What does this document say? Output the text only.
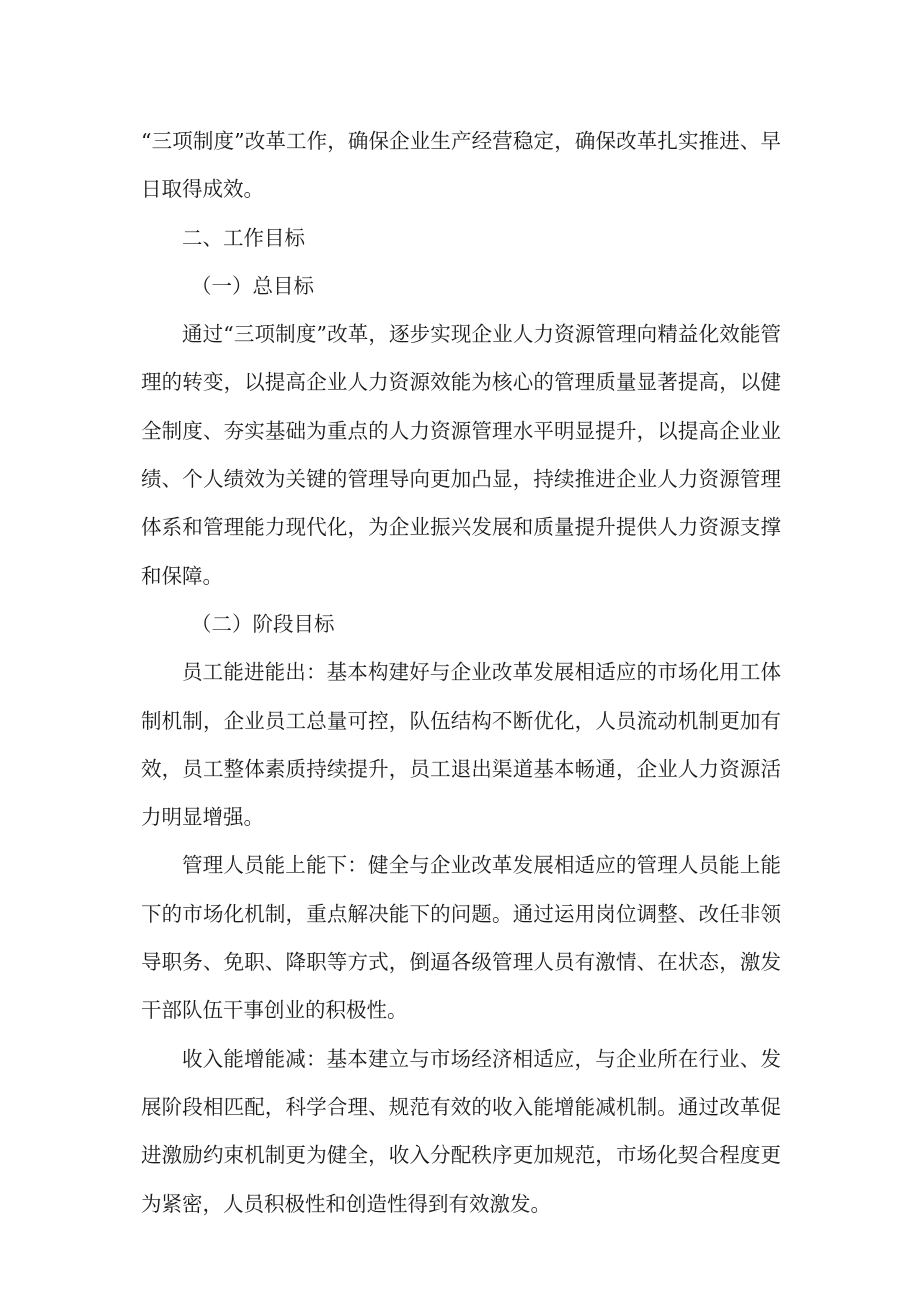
“三项制度”改革工作，确保企业生产经营稳定，确保改革扎实推进、早日取得成效。

二、工作目标

（一）总目标

通过“三项制度”改革，逐步实现企业人力资源管理向精益化效能管理的转变，以提高企业人力资源效能为核心的管理质量显著提高，以健全制度、夯实基础为重点的人力资源管理水平明显提升，以提高企业业绩、个人绩效为关键的管理导向更加凸显，持续推进企业人力资源管理体系和管理能力现代化，为企业振兴发展和质量提升提供人力资源支撑和保障。

（二）阶段目标

员工能进能出：基本构建好与企业改革发展相适应的市场化用工体制机制，企业员工总量可控，队伍结构不断优化，人员流动机制更加有效，员工整体素质持续提升，员工退出渠道基本畅通，企业人力资源活力明显增强。

管理人员能上能下：健全与企业改革发展相适应的管理人员能上能下的市场化机制，重点解决能下的问题。通过运用岗位调整、改任非领导职务、免职、降职等方式，倒逼各级管理人员有激情、在状态，激发干部队伍干事创业的积极性。

收入能增能减：基本建立与市场经济相适应，与企业所在行业、发展阶段相匹配，科学合理、规范有效的收入能增能减机制。通过改革促进激励约束机制更为健全，收入分配秩序更加规范，市场化契合程度更为紧密，人员积极性和创造性得到有效激发。
